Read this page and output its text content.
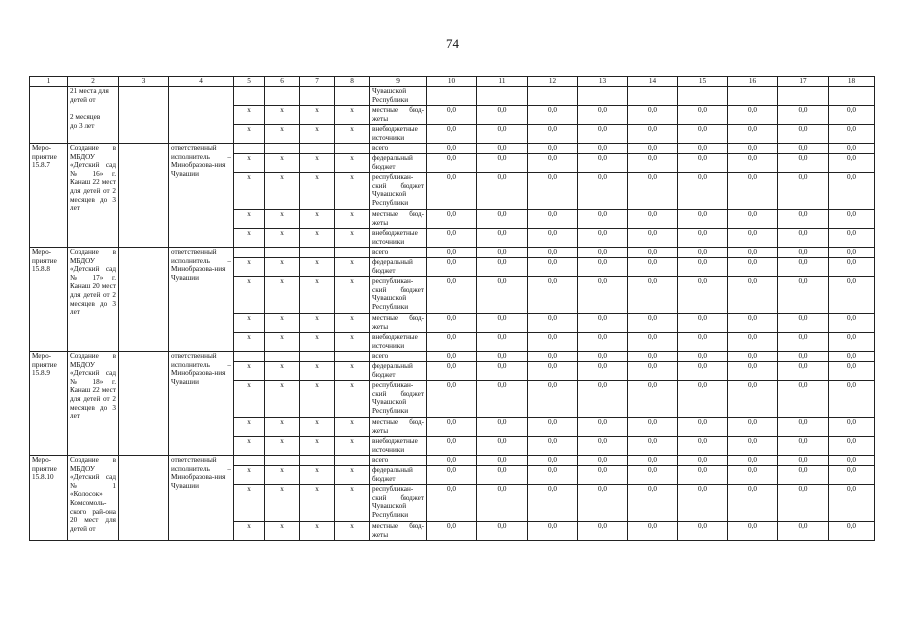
74
1	2	3	4	5	6	7	8	9	10	11	12	13	14	15	16	17	18

	21 места для
детей от
2 месяцев
до 3 лет							Чувашской Республики									
				x	x	x	x	местные бюд-жеты	0,0	0,0	0,0	0,0	0,0	0,0	0,0	0,0	0,0
				x	x	x	x	внебюджетные источники	0,0	0,0	0,0	0,0	0,0	0,0	0,0	0,0	0,0
Меро-приятие 15.8.7	Создание в МБДОУ «Детский сад № 16» г. Канаш 22 мест для детей от 2 месяцев до 3 лет		ответственный исполнитель – Минобразова-ния Чувашии					всего	0,0	0,0	0,0	0,0	0,0	0,0	0,0	0,0	0,0
				x	x	x	x	федеральный бюджет	0,0	0,0	0,0	0,0	0,0	0,0	0,0	0,0	0,0
				x	x	x	x	республикан-ский бюджет Чувашской Республики	0,0	0,0	0,0	0,0	0,0	0,0	0,0	0,0	0,0
				x	x	x	x	местные бюд-жеты	0,0	0,0	0,0	0,0	0,0	0,0	0,0	0,0	0,0
				x	x	x	x	внебюджетные источники	0,0	0,0	0,0	0,0	0,0	0,0	0,0	0,0	0,0
Меро-приятие 15.8.8	Создание в МБДОУ «Детский сад № 17» г. Канаш 20 мест для детей от 2 месяцев до 3 лет		ответственный исполнитель – Минобразова-ния Чувашии					всего	0,0	0,0	0,0	0,0	0,0	0,0	0,0	0,0	0,0
				x	x	x	x	федеральный бюджет	0,0	0,0	0,0	0,0	0,0	0,0	0,0	0,0	0,0
				x	x	x	x	республикан-ский бюджет Чувашской Республики	0,0	0,0	0,0	0,0	0,0	0,0	0,0	0,0	0,0
				x	x	x	x	местные бюд-жеты	0,0	0,0	0,0	0,0	0,0	0,0	0,0	0,0	0,0
				x	x	x	x	внебюджетные источники	0,0	0,0	0,0	0,0	0,0	0,0	0,0	0,0	0,0
Меро-приятие 15.8.9	Создание в МБДОУ «Детский сад № 18» г. Канаш 22 мест для детей от 2 месяцев до 3 лет		ответственный исполнитель – Минобразова-ния Чувашии					всего	0,0	0,0	0,0	0,0	0,0	0,0	0,0	0,0	0,0
				x	x	x	x	федеральный бюджет	0,0	0,0	0,0	0,0	0,0	0,0	0,0	0,0	0,0
				x	x	x	x	республикан-ский бюджет Чувашской Республики	0,0	0,0	0,0	0,0	0,0	0,0	0,0	0,0	0,0
				x	x	x	x	местные бюд-жеты	0,0	0,0	0,0	0,0	0,0	0,0	0,0	0,0	0,0
				x	x	x	x	внебюджетные источники	0,0	0,0	0,0	0,0	0,0	0,0	0,0	0,0	0,0
Меро-приятие 15.8.10	Создание в МБДОУ «Детский сад № 1 «Колосок» Комсомоль-ского рай-она 20 мест для детей от		ответственный исполнитель – Минобразова-ния Чувашии					всего	0,0	0,0	0,0	0,0	0,0	0,0	0,0	0,0	0,0
				x	x	x	x	федеральный бюджет	0,0	0,0	0,0	0,0	0,0	0,0	0,0	0,0	0,0
				x	x	x	x	республикан-ский бюджет Чувашской Республики	0,0	0,0	0,0	0,0	0,0	0,0	0,0	0,0	0,0
				x	x	x	x	местные бюд-жеты	0,0	0,0	0,0	0,0	0,0	0,0	0,0	0,0	0,0
